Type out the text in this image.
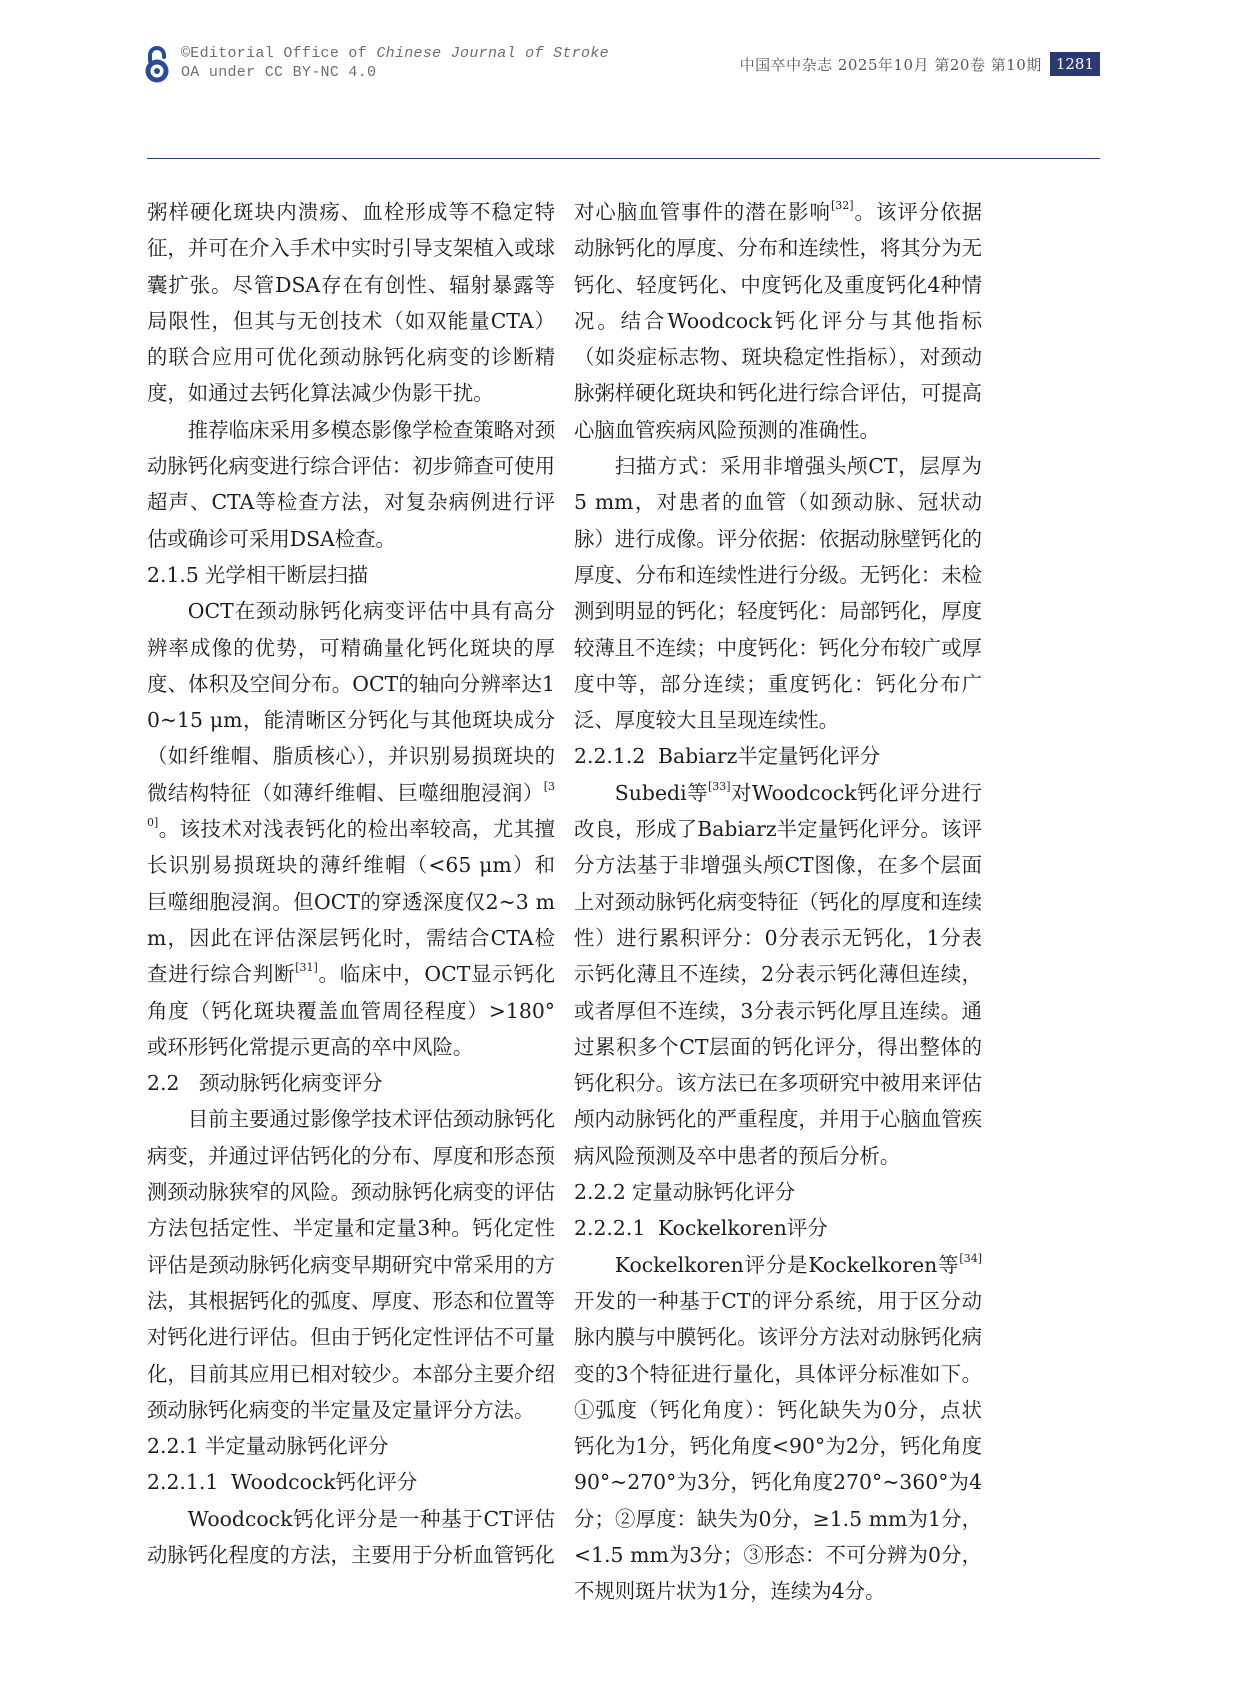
©Editorial Office of Chinese Journal of Stroke
OA under CC BY-NC 4.0	中国卒中杂志 2025年10月 第20卷 第10期 1281

粥样硬化斑块内溃疡、血栓形成等不稳定特征，并可在介入手术中实时引导支架植入或球囊扩张。尽管DSA存在有创性、辐射暴露等局限性，但其与无创技术（如双能量CTA）的联合应用可优化颈动脉钙化病变的诊断精度，如通过去钙化算法减少伪影干扰。

推荐临床采用多模态影像学检查策略对颈动脉钙化病变进行综合评估：初步筛查可使用超声、CTA等检查方法，对复杂病例进行评估或确诊可采用DSA检查。

2.1.5 光学相干断层扫描

OCT在颈动脉钙化病变评估中具有高分辨率成像的优势，可精确量化钙化斑块的厚度、体积及空间分布。OCT的轴向分辨率达10~15 μm，能清晰区分钙化与其他斑块成分（如纤维帽、脂质核心），并识别易损斑块的微结构特征（如薄纤维帽、巨噬细胞浸润）[30]。该技术对浅表钙化的检出率较高，尤其擅长识别易损斑块的薄纤维帽（<65 μm）和巨噬细胞浸润。但OCT的穿透深度仅2~3 mm，因此在评估深层钙化时，需结合CTA检查进行综合判断[31]。临床中，OCT显示钙化角度（钙化斑块覆盖血管周径程度）>180°或环形钙化常提示更高的卒中风险。

2.2 颈动脉钙化病变评分

目前主要通过影像学技术评估颈动脉钙化病变，并通过评估钙化的分布、厚度和形态预测颈动脉狭窄的风险。颈动脉钙化病变的评估方法包括定性、半定量和定量3种。钙化定性评估是颈动脉钙化病变早期研究中常采用的方法，其根据钙化的弧度、厚度、形态和位置等对钙化进行评估。但由于钙化定性评估不可量化，目前其应用已相对较少。本部分主要介绍颈动脉钙化病变的半定量及定量评分方法。

2.2.1 半定量动脉钙化评分
2.2.1.1 Woodcock钙化评分

Woodcock钙化评分是一种基于CT评估动脉钙化程度的方法，主要用于分析血管钙化

对心脑血管事件的潜在影响[32]。该评分依据动脉钙化的厚度、分布和连续性，将其分为无钙化、轻度钙化、中度钙化及重度钙化4种情况。结合Woodcock钙化评分与其他指标（如炎症标志物、斑块稳定性指标），对颈动脉粥样硬化斑块和钙化进行综合评估，可提高心脑血管疾病风险预测的准确性。

扫描方式：采用非增强头颅CT，层厚为5 mm，对患者的血管（如颈动脉、冠状动脉）进行成像。评分依据：依据动脉壁钙化的厚度、分布和连续性进行分级。无钙化：未检测到明显的钙化；轻度钙化：局部钙化，厚度较薄且不连续；中度钙化：钙化分布较广或厚度中等，部分连续；重度钙化：钙化分布广泛、厚度较大且呈现连续性。

2.2.1.2 Babiarz半定量钙化评分

Subedi等[33]对Woodcock钙化评分进行改良，形成了Babiarz半定量钙化评分。该评分方法基于非增强头颅CT图像，在多个层面上对颈动脉钙化病变特征（钙化的厚度和连续性）进行累积评分：0分表示无钙化，1分表示钙化薄且不连续，2分表示钙化薄但连续，或者厚但不连续，3分表示钙化厚且连续。通过累积多个CT层面的钙化评分，得出整体的钙化积分。该方法已在多项研究中被用来评估颅内动脉钙化的严重程度，并用于心脑血管疾病风险预测及卒中患者的预后分析。

2.2.2 定量动脉钙化评分
2.2.2.1 Kockelkoren评分

Kockelkoren评分是Kockelkoren等[34]开发的一种基于CT的评分系统，用于区分动脉内膜与中膜钙化。该评分方法对动脉钙化病变的3个特征进行量化，具体评分标准如下。①弧度（钙化角度）：钙化缺失为0分，点状钙化为1分，钙化角度<90°为2分，钙化角度90°~270°为3分，钙化角度270°~360°为4分；②厚度：缺失为0分，≥1.5 mm为1分，<1.5 mm为3分；③形态：不可分辨为0分，不规则斑片状为1分，连续为4分。
